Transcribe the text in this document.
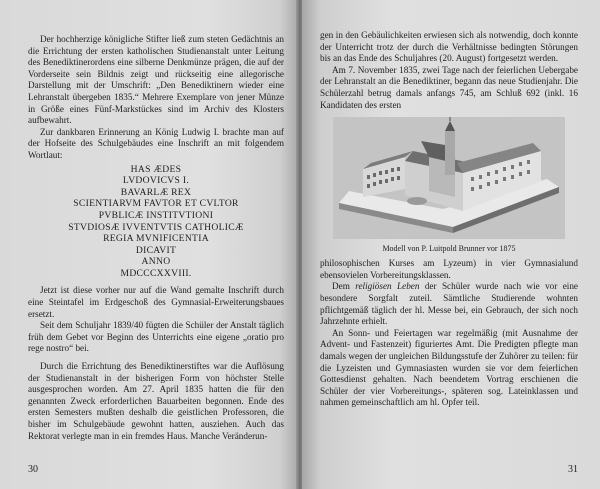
Der hochherzige königliche Stifter ließ zum steten Gedächtnis an die Errichtung der ersten katholischen Studienanstalt unter Leitung des Benediktinerordens eine silberne Denkmünze prägen, die auf der Vorderseite sein Bildnis zeigt und rückseitig eine allegorische Darstellung mit der Umschrift: „Den Benediktinern wieder eine Lehranstalt übergeben 1835.“ Mehrere Exemplare von jener Münze in Größe eines Fünf-Markstückes sind im Archiv des Klosters aufbewahrt.

Zur dankbaren Erinnerung an König Ludwig I. brachte man auf der Hofseite des Schulgebäudes eine Inschrift an mit folgendem Wortlaut:

HAS ÆDES
LVDOVICVS I.
BAVARLÆ REX
SCIENTIARVM FAVTOR ET CVLTOR
PVBLICÆ INSTITVTIONI
STVDIOSÆ IVVENTVTIS CATHOLICÆ
REGIA MVNIFICENTIA
DICAVIT
ANNO
MDCCCXXVIII.

Jetzt ist diese vorher nur auf die Wand gemalte Inschrift durch eine Steintafel im Erdgeschoß des Gymnasial-Erweiterungsbaues ersetzt.

Seit dem Schuljahr 1839/40 fügten die Schüler der Anstalt täglich früh dem Gebet vor Beginn des Unterrichts eine eigene „oratio pro rege nostro“ bei.

Durch die Errichtung des Benediktinerstiftes war die Auflösung der Studienanstalt in der bisherigen Form von höchster Stelle ausgesprochen worden. Am 27. April 1835 hatten die für den genannten Zweck erforderlichen Bauarbeiten begonnen. Ende des ersten Semesters mußten deshalb die geistlichen Professoren, die bisher im Schulgebäude gewohnt hatten, ausziehen. Auch das Rektorat verlegte man in ein fremdes Haus. Manche Veränderun-

30

gen in den Gebäulichkeiten erwiesen sich als notwendig, doch konnte der Unterricht trotz der durch die Verhältnisse bedingten Störungen bis an das Ende des Schuljahres (20. August) fortgesetzt werden.

Am 7. November 1835, zwei Tage nach der feierlichen Uebergabe der Lehranstalt an die Benediktiner, begann das neue Studienjahr. Die Schülerzahl betrug damals anfangs 745, am Schluß 692 (inkl. 16 Kandidaten des ersten

Modell von P. Luitpold Brunner vor 1875

philosophischen Kurses am Lyzeum) in vier Gymnasialund ebensovielen Vorbereitungsklassen.

Dem religiösen Leben der Schüler wurde nach wie vor eine besondere Sorgfalt zuteil. Sämtliche Studierende wohnten pflichtgemäß täglich der hl. Messe bei, ein Gebrauch, der sich noch Jahrzehnte erhielt.

An Sonn- und Feiertagen war regelmäßig (mit Ausnahme der Advent- und Fastenzeit) figuriertes Amt. Die Predigten pflegte man damals wegen der ungleichen Bildungsstufe der Zuhörer zu teilen: für die Lyzeisten und Gymnasiasten wurden sie vor dem feierlichen Gottesdienst gehalten. Nach beendetem Vortrag erschienen die Schüler der vier Vorbereitungs-, späteren sog. Lateinklassen und nahmen gemeinschaftlich am hl. Opfer teil.

31
